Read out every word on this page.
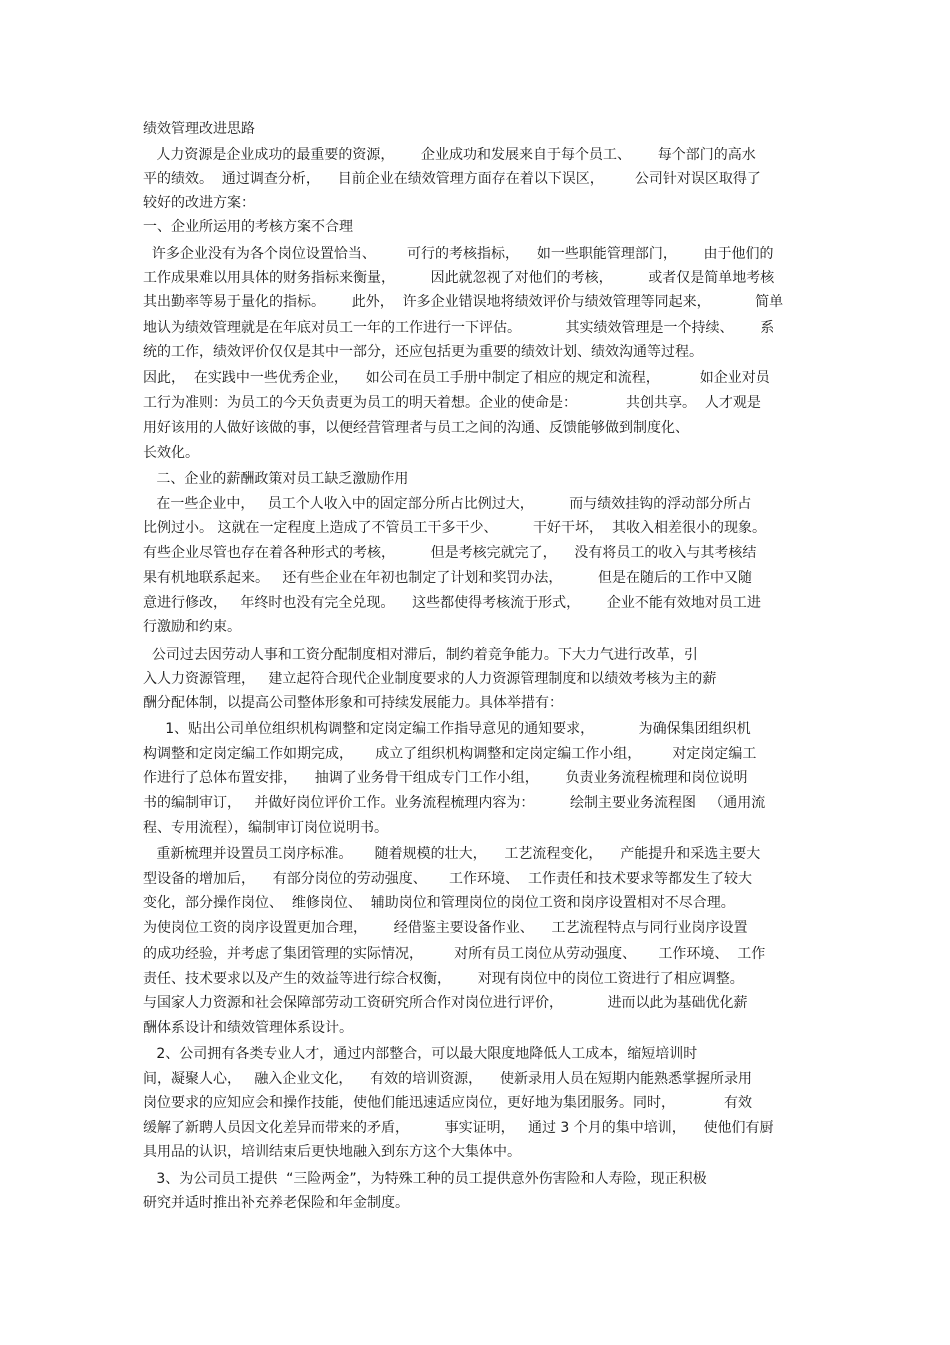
绩效管理改进思路
人力资源是企业成功的最重要的资源，      企业成功和发展来自于每个员工、      每个部门的高水
平的绩效。  通过调查分析，    目前企业在绩效管理方面存在着以下误区，       公司针对误区取得了
较好的改进方案：
一、企业所运用的考核方案不合理
许多企业没有为各个岗位设置恰当、       可行的考核指标，    如一些职能管理部门，      由于他们的
工作成果难以用具体的财务指标来衡量，        因此就忽视了对他们的考核，        或者仅是简单地考核
其出勤率等易于量化的指标。      此外，  许多企业错误地将绩效评价与绩效管理等同起来，          简单
地认为绩效管理就是在年底对员工一年的工作进行一下评估。          其实绩效管理是一个持续、      系
统的工作，绩效评价仅仅是其中一部分，还应包括更为重要的绩效计划、绩效沟通等过程。
因此，  在实践中一些优秀企业，    如公司在员工手册中制定了相应的规定和流程，         如企业对员
工行为准则：为员工的今天负责更为员工的明天着想。企业的使命是：           共创共享。  人才观是
用好该用的人做好该做的事，以便经营管理者与员工之间的沟通、反馈能够做到制度化、
长效化。
二、企业的薪酬政策对员工缺乏激励作用
在一些企业中，   员工个人收入中的固定部分所占比例过大，        而与绩效挂钩的浮动部分所占
比例过小。 这就在一定程度上造成了不管员工干多干少、        干好干坏，  其收入相差很小的现象。
有些企业尽管也存在着各种形式的考核，        但是考核完就完了，    没有将员工的收入与其考核结
果有机地联系起来。   还有些企业在年初也制定了计划和奖罚办法，        但是在随后的工作中又随
意进行修改，   年终时也没有完全兑现。    这些都使得考核流于形式，      企业不能有效地对员工进
行激励和约束。
公司过去因劳动人事和工资分配制度相对滞后，制约着竞争能力。下大力气进行改革，引
入人力资源管理，   建立起符合现代企业制度要求的人力资源管理制度和以绩效考核为主的薪
酬分配体制，以提高公司整体形象和可持续发展能力。具体举措有：
1、贴出公司单位组织机构调整和定岗定编工作指导意见的通知要求，          为确保集团组织机
构调整和定岗定编工作如期完成，     成立了组织机构调整和定岗定编工作小组，       对定岗定编工
作进行了总体布置安排，    抽调了业务骨干组成专门工作小组，      负责业务流程梳理和岗位说明
书的编制审订，   并做好岗位评价工作。业务流程梳理内容为：        绘制主要业务流程图   （通用流
程、专用流程），编制审订岗位说明书。
重新梳理并设置员工岗序标准。     随着规模的壮大，    工艺流程变化，    产能提升和采选主要大
型设备的增加后，    有部分岗位的劳动强度、     工作环境、  工作责任和技术要求等都发生了较大
变化，部分操作岗位、  维修岗位、  辅助岗位和管理岗位的岗位工资和岗序设置相对不尽合理。
为使岗位工资的岗序设置更加合理，      经借鉴主要设备作业、    工艺流程特点与同行业岗序设置
的成功经验，并考虑了集团管理的实际情况，       对所有员工岗位从劳动强度、     工作环境、  工作
责任、技术要求以及产生的效益等进行综合权衡，      对现有岗位中的岗位工资进行了相应调整。
与国家人力资源和社会保障部劳动工资研究所合作对岗位进行评价，          进而以此为基础优化薪
酬体系设计和绩效管理体系设计。
2、公司拥有各类专业人才，通过内部整合，可以最大限度地降低人工成本，缩短培训时
间，凝聚人心，   融入企业文化，    有效的培训资源，    使新录用人员在短期内能熟悉掌握所录用
岗位要求的应知应会和操作技能，使他们能迅速适应岗位，更好地为集团服务。同时，           有效
缓解了新聘人员因文化差异而带来的矛盾，        事实证明，   通过 3 个月的集中培训，    使他们有厨
具用品的认识，培训结束后更快地融入到东方这个大集体中。
3、为公司员工提供  “三险两金”，为特殊工种的员工提供意外伤害险和人寿险，现正积极
研究并适时推出补充养老保险和年金制度。
